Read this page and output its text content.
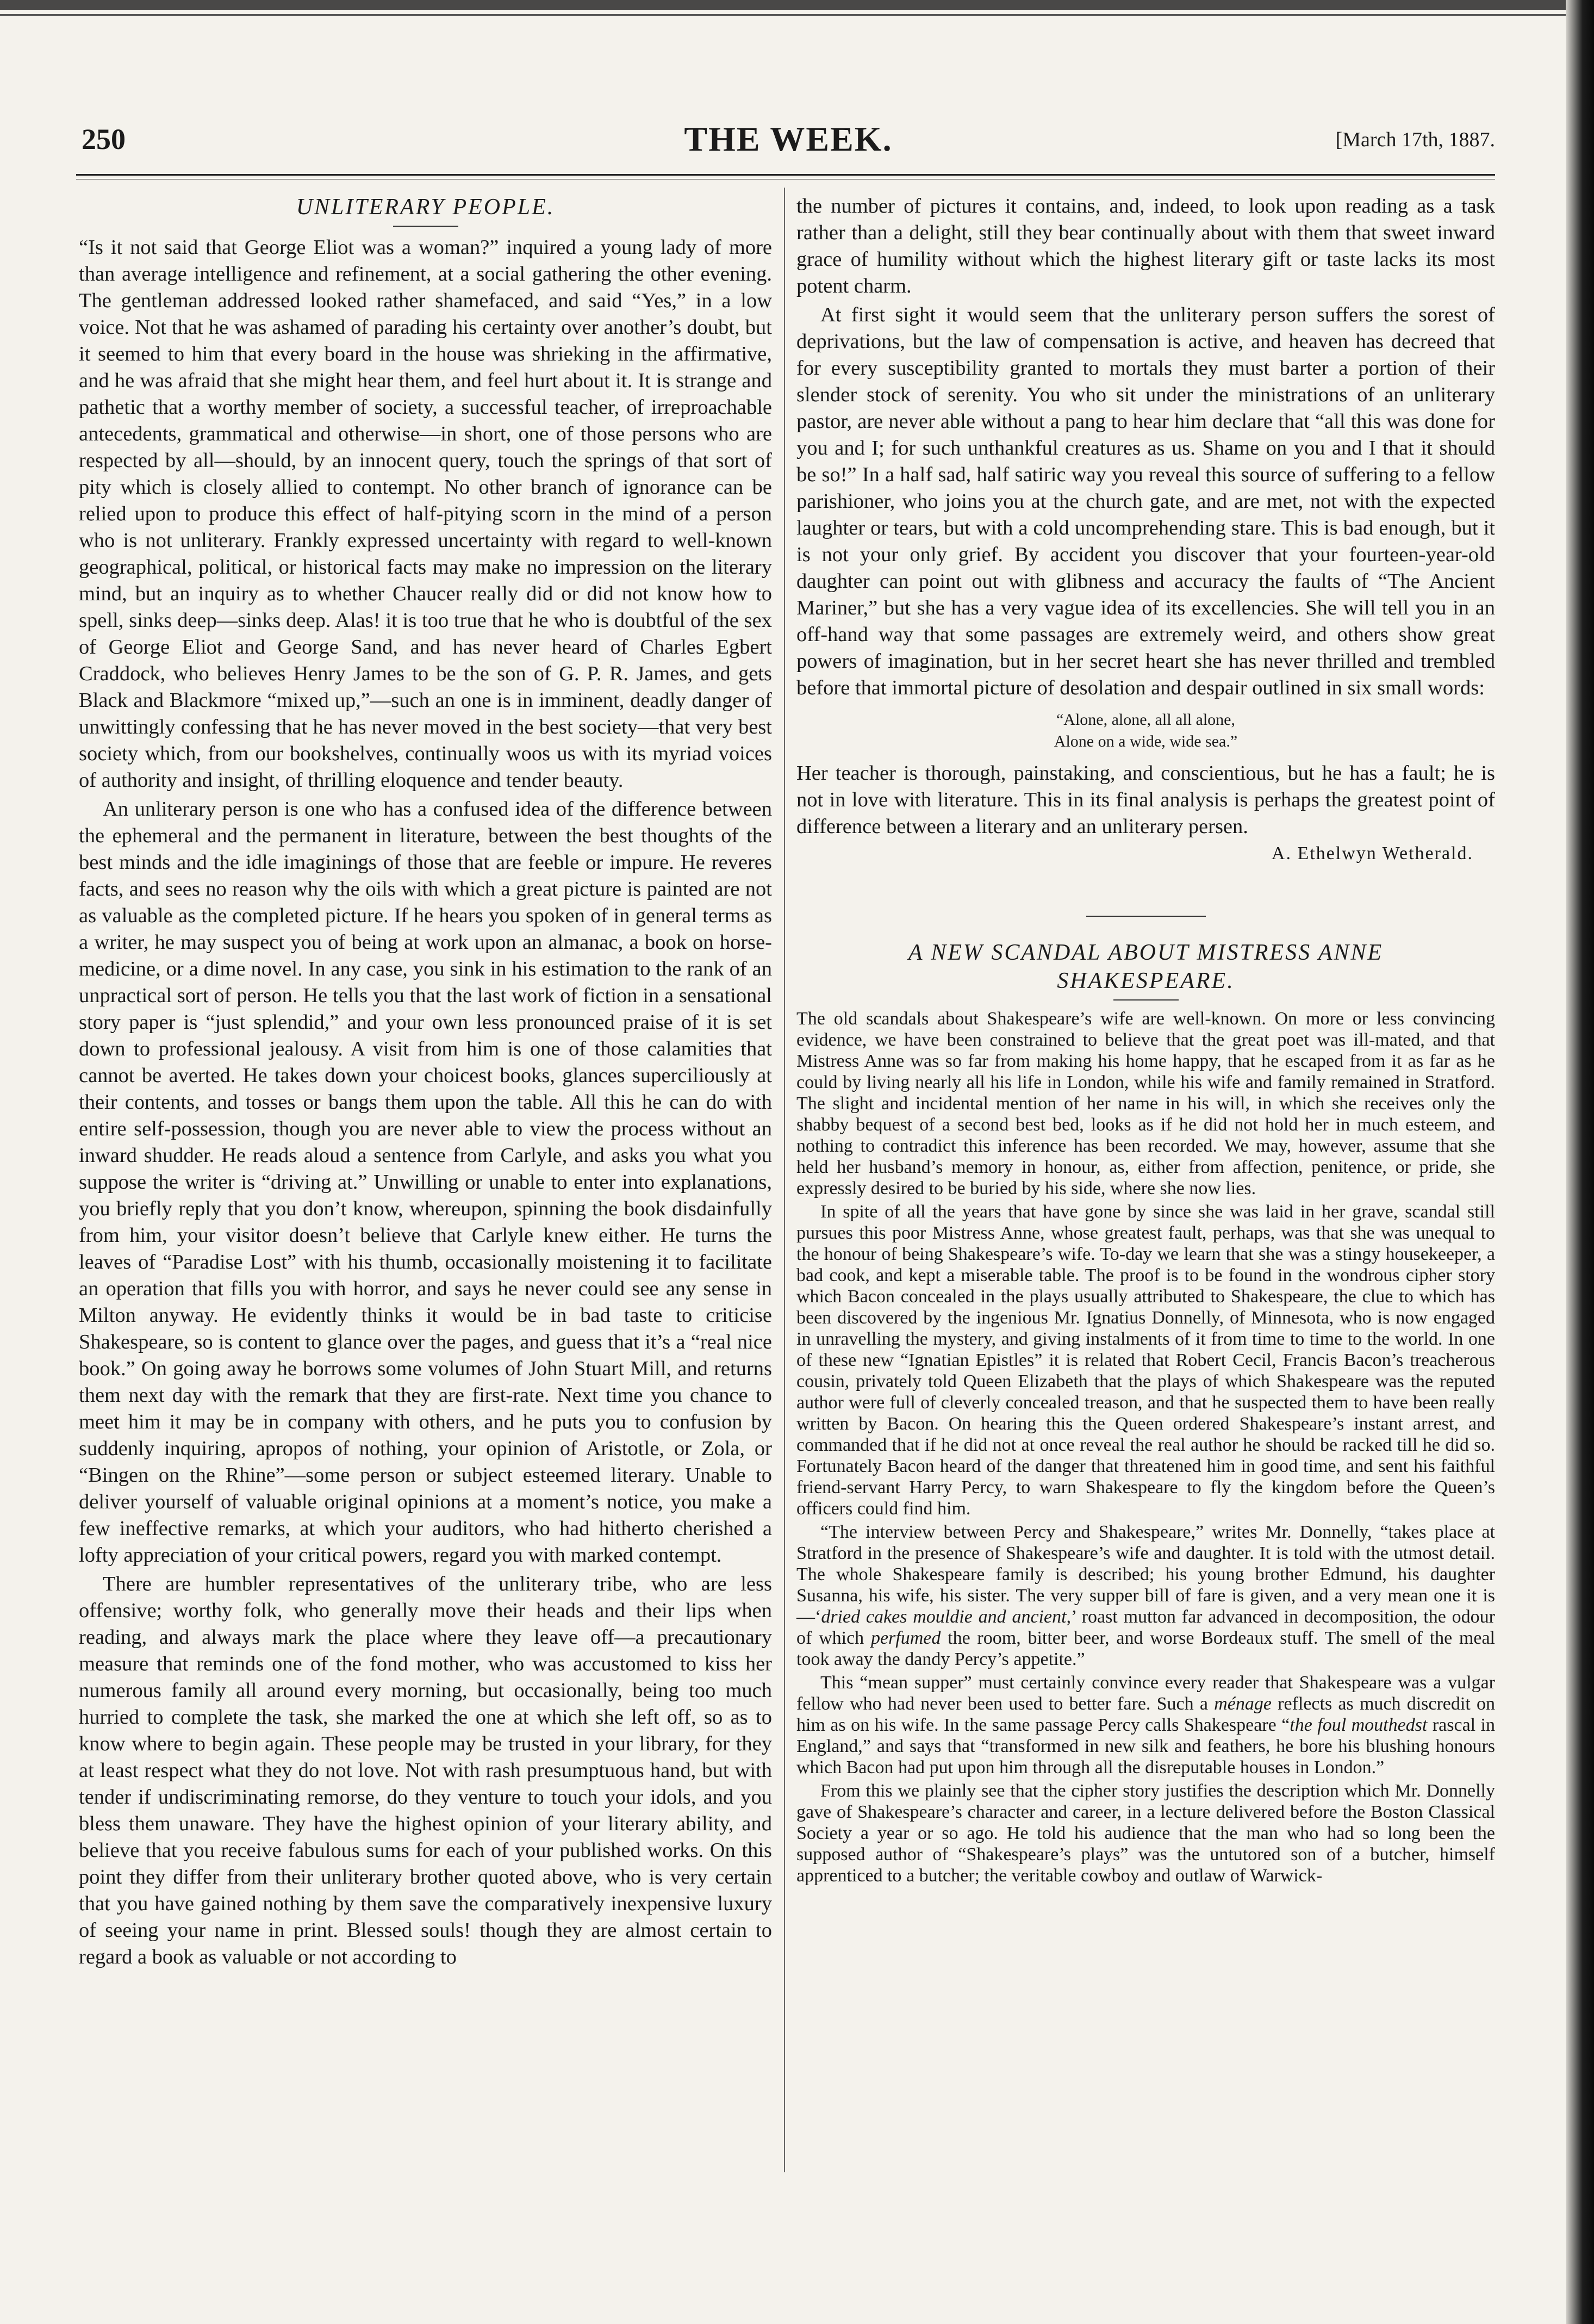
250	THE WEEK.	[March 17th, 1887.
UNLITERARY PEOPLE.

“Is it not said that George Eliot was a woman?” inquired a young lady of more than average intelligence and refinement, at a social gathering the other evening. The gentleman addressed looked rather shamefaced, and said “Yes,” in a low voice. Not that he was ashamed of parading his certainty over another’s doubt, but it seemed to him that every board in the house was shrieking in the affirmative, and he was afraid that she might hear them, and feel hurt about it. It is strange and pathetic that a worthy member of society, a successful teacher, of irreproachable antecedents, grammatical and otherwise—in short, one of those persons who are respected by all—should, by an innocent query, touch the springs of that sort of pity which is closely allied to contempt. No other branch of ignorance can be relied upon to produce this effect of half-pitying scorn in the mind of a person who is not unliterary. Frankly expressed uncertainty with regard to well-known geographical, political, or historical facts may make no impression on the literary mind, but an inquiry as to whether Chaucer really did or did not know how to spell, sinks deep—sinks deep. Alas! it is too true that he who is doubtful of the sex of George Eliot and George Sand, and has never heard of Charles Egbert Craddock, who believes Henry James to be the son of G. P. R. James, and gets Black and Blackmore “mixed up,”—such an one is in imminent, deadly danger of unwittingly confessing that he has never moved in the best society—that very best society which, from our bookshelves, continually woos us with its myriad voices of authority and insight, of thrilling eloquence and tender beauty.

An unliterary person is one who has a confused idea of the difference between the ephemeral and the permanent in literature, between the best thoughts of the best minds and the idle imaginings of those that are feeble or impure. He reveres facts, and sees no reason why the oils with which a great picture is painted are not as valuable as the completed picture. If he hears you spoken of in general terms as a writer, he may suspect you of being at work upon an almanac, a book on horse-medicine, or a dime novel. In any case, you sink in his estimation to the rank of an unpractical sort of person. He tells you that the last work of fiction in a sensational story paper is “just splendid,” and your own less pronounced praise of it is set down to professional jealousy. A visit from him is one of those calamities that cannot be averted. He takes down your choicest books, glances superciliously at their contents, and tosses or bangs them upon the table. All this he can do with entire self-possession, though you are never able to view the process without an inward shudder. He reads aloud a sentence from Carlyle, and asks you what you suppose the writer is “driving at.” Unwilling or unable to enter into explanations, you briefly reply that you don’t know, whereupon, spinning the book disdainfully from him, your visitor doesn’t believe that Carlyle knew either. He turns the leaves of “Paradise Lost” with his thumb, occasionally moistening it to facilitate an operation that fills you with horror, and says he never could see any sense in Milton anyway. He evidently thinks it would be in bad taste to criticise Shakespeare, so is content to glance over the pages, and guess that it’s a “real nice book.” On going away he borrows some volumes of John Stuart Mill, and returns them next day with the remark that they are first-rate. Next time you chance to meet him it may be in company with others, and he puts you to confusion by suddenly inquiring, apropos of nothing, your opinion of Aristotle, or Zola, or “Bingen on the Rhine”—some person or subject esteemed literary. Unable to deliver yourself of valuable original opinions at a moment’s notice, you make a few ineffective remarks, at which your auditors, who had hitherto cherished a lofty appreciation of your critical powers, regard you with marked contempt.

There are humbler representatives of the unliterary tribe, who are less offensive; worthy folk, who generally move their heads and their lips when reading, and always mark the place where they leave off—a precautionary measure that reminds one of the fond mother, who was accustomed to kiss her numerous family all around every morning, but occasionally, being too much hurried to complete the task, she marked the one at which she left off, so as to know where to begin again. These people may be trusted in your library, for they at least respect what they do not love. Not with rash presumptuous hand, but with tender if undiscriminating remorse, do they venture to touch your idols, and you bless them unaware. They have the highest opinion of your literary ability, and believe that you receive fabulous sums for each of your published works. On this point they differ from their unliterary brother quoted above, who is very certain that you have gained nothing by them save the comparatively inexpensive luxury of seeing your name in print. Blessed souls! though they are almost certain to regard a book as valuable or not according to

the number of pictures it contains, and, indeed, to look upon reading as a task rather than a delight, still they bear continually about with them that sweet inward grace of humility without which the highest literary gift or taste lacks its most potent charm.

At first sight it would seem that the unliterary person suffers the sorest of deprivations, but the law of compensation is active, and heaven has decreed that for every susceptibility granted to mortals they must barter a portion of their slender stock of serenity. You who sit under the ministrations of an unliterary pastor, are never able without a pang to hear him declare that “all this was done for you and I; for such unthankful creatures as us. Shame on you and I that it should be so!” In a half sad, half satiric way you reveal this source of suffering to a fellow parishioner, who joins you at the church gate, and are met, not with the expected laughter or tears, but with a cold uncomprehending stare. This is bad enough, but it is not your only grief. By accident you discover that your fourteen-year-old daughter can point out with glibness and accuracy the faults of “The Ancient Mariner,” but she has a very vague idea of its excellencies. She will tell you in an off-hand way that some passages are extremely weird, and others show great powers of imagination, but in her secret heart she has never thrilled and trembled before that immortal picture of desolation and despair outlined in six small words:

“Alone, alone, all all alone,
Alone on a wide, wide sea.”

Her teacher is thorough, painstaking, and conscientious, but he has a fault; he is not in love with literature. This in its final analysis is perhaps the greatest point of difference between a literary and an unliterary persen.

A. Ethelwyn Wetherald.
A NEW SCANDAL ABOUT MISTRESS ANNE
SHAKESPEARE.

The old scandals about Shakespeare’s wife are well-known. On more or less convincing evidence, we have been constrained to believe that the great poet was ill-mated, and that Mistress Anne was so far from making his home happy, that he escaped from it as far as he could by living nearly all his life in London, while his wife and family remained in Stratford. The slight and incidental mention of her name in his will, in which she receives only the shabby bequest of a second best bed, looks as if he did not hold her in much esteem, and nothing to contradict this inference has been recorded. We may, however, assume that she held her husband’s memory in honour, as, either from affection, penitence, or pride, she expressly desired to be buried by his side, where she now lies.

In spite of all the years that have gone by since she was laid in her grave, scandal still pursues this poor Mistress Anne, whose greatest fault, perhaps, was that she was unequal to the honour of being Shakespeare’s wife. To-day we learn that she was a stingy housekeeper, a bad cook, and kept a miserable table. The proof is to be found in the wondrous cipher story which Bacon concealed in the plays usually attributed to Shakespeare, the clue to which has been discovered by the ingenious Mr. Ignatius Donnelly, of Minnesota, who is now engaged in unravelling the mystery, and giving instalments of it from time to time to the world. In one of these new “Ignatian Epistles” it is related that Robert Cecil, Francis Bacon’s treacherous cousin, privately told Queen Elizabeth that the plays of which Shakespeare was the reputed author were full of cleverly concealed treason, and that he suspected them to have been really written by Bacon. On hearing this the Queen ordered Shakespeare’s instant arrest, and commanded that if he did not at once reveal the real author he should be racked till he did so. Fortunately Bacon heard of the danger that threatened him in good time, and sent his faithful friend-servant Harry Percy, to warn Shakespeare to fly the kingdom before the Queen’s officers could find him.

“The interview between Percy and Shakespeare,” writes Mr. Donnelly, “takes place at Stratford in the presence of Shakespeare’s wife and daughter. It is told with the utmost detail. The whole Shakespeare family is described; his young brother Edmund, his daughter Susanna, his wife, his sister. The very supper bill of fare is given, and a very mean one it is—‘dried cakes mouldie and ancient,’ roast mutton far advanced in decomposition, the odour of which perfumed the room, bitter beer, and worse Bordeaux stuff. The smell of the meal took away the dandy Percy’s appetite.”

This “mean supper” must certainly convince every reader that Shakespeare was a vulgar fellow who had never been used to better fare. Such a ménage reflects as much discredit on him as on his wife. In the same passage Percy calls Shakespeare “the foul mouthedst rascal in England,” and says that “transformed in new silk and feathers, he bore his blushing honours which Bacon had put upon him through all the disreputable houses in London.”

From this we plainly see that the cipher story justifies the description which Mr. Donnelly gave of Shakespeare’s character and career, in a lecture delivered before the Boston Classical Society a year or so ago. He told his audience that the man who had so long been the supposed author of “Shakespeare’s plays” was the untutored son of a butcher, himself apprenticed to a butcher; the veritable cowboy and outlaw of Warwick-
